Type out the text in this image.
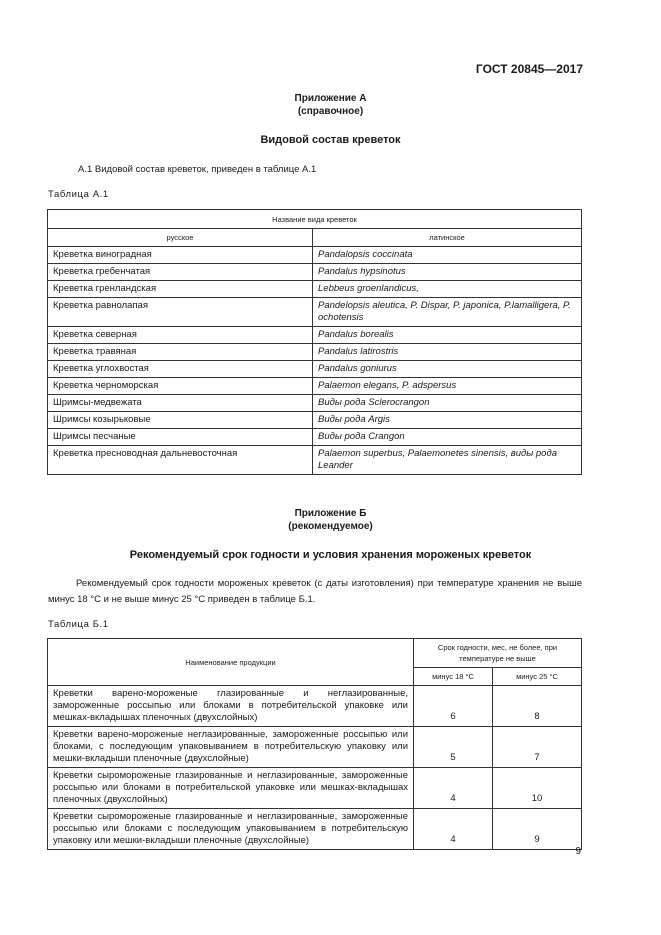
ГОСТ 20845—2017
Приложение А
(справочное)
Видовой состав креветок
А.1 Видовой состав креветок, приведен в таблице А.1
Таблица А.1
Название вида креветок	
русское	латинское
Креветка виноградная	Pandalopsis coccinata
Креветка гребенчатая	Pandalus hypsinotus
Креветка гренландская	Lebbeus groenlandicus,
Креветка равнолапая	Pandelopsis aleutica, P. Dispar, P. japonica, P.lamalligera, P. ochotensis
Креветка северная	Pandalus borealis
Креветка травяная	Pandalus latirostris
Креветка углохвостая	Pandalus goniurus
Креветка черноморская	Palaemon elegans, P. adspersus
Шримсы-медвежата	Виды рода Sclerocrangon
Шримсы козырьковые	Виды рода Argis
Шримсы песчаные	Виды рода Crangon
Креветка пресноводная дальневосточная	Palaemon superbus, Palaemonetes sinensis, виды рода Leander
Приложение Б
(рекомендуемое)
Рекомендуемый срок годности и условия хранения мороженых креветок
Рекомендуемый срок годности мороженых креветок (с даты изготовления) при температуре хранения не выше минус 18 °С и не выше минус 25 °С приведен в таблице Б.1.
Таблица Б.1
Наименование продукции	Срок годности, мес, не более, при температуре не выше	
	минус 18 °С	минус 25 °С
Креветки варено-мороженые глазированные и неглазированные, замороженные россыпью или блоками в потребительской упаковке или мешках-вкладышах пленочных (двухслойных)	6	8
Креветки варено-мороженые неглазированные, замороженные россыпью или блоками, с последующим упаковыванием в потребительскую упаковку или мешки-вкладыши пленочные (двухслойные)	5	7
Креветки сыромороженые глазированные и неглазированные, замороженные россыпью или блоками в потребительской упаковке или мешках-вкладышах пленочных (двухслойных)	4	10
Креветки сыромороженые глазированные и неглазированные, замороженные россыпью или блоками с последующим упаковыванием в потребительскую упаковку или мешки-вкладыши пленочные (двухслойные)	4	9
9
